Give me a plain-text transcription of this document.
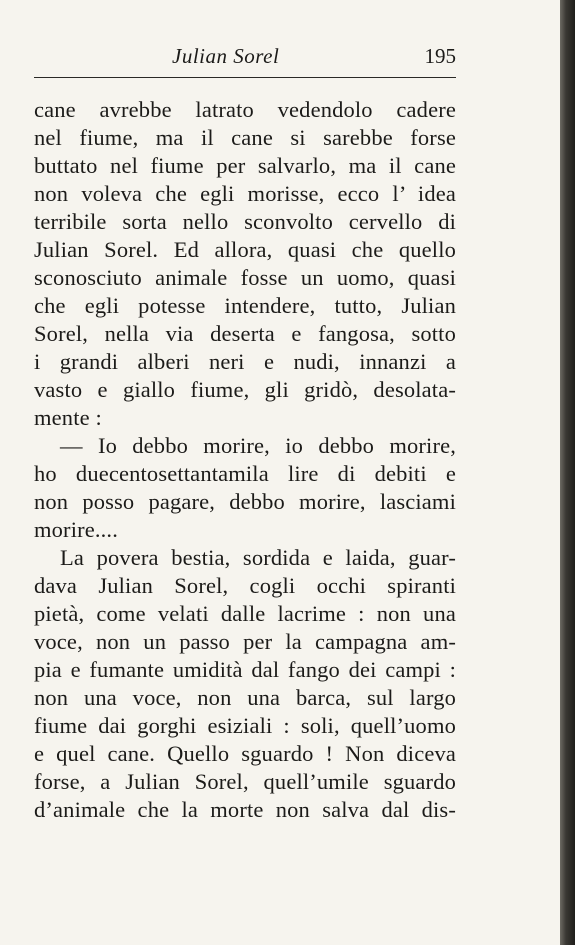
Julian Sorel	195
cane avrebbe latrato vedendolo cadere
nel fiume, ma il cane si sarebbe forse
buttato nel fiume per salvarlo, ma il cane
non voleva che egli morisse, ecco l’ idea
terribile sorta nello sconvolto cervello di
Julian Sorel. Ed allora, quasi che quello
sconosciuto animale fosse un uomo, quasi
che egli potesse intendere, tutto, Julian
Sorel, nella via deserta e fangosa, sotto
i grandi alberi neri e nudi, innanzi a
vasto e giallo fiume, gli gridò, desolata-
mente :
— Io debbo morire, io debbo morire,
ho duecentosettantamila lire di debiti e
non posso pagare, debbo morire, lasciami
morire....
La povera bestia, sordida e laida, guar-
dava Julian Sorel, cogli occhi spiranti
pietà, come velati dalle lacrime : non una
voce, non un passo per la campagna am-
pia e fumante umidità dal fango dei campi :
non una voce, non una barca, sul largo
fiume dai gorghi esiziali : soli, quell’uomo
e quel cane. Quello sguardo ! Non diceva
forse, a Julian Sorel, quell’umile sguardo
d’animale che la morte non salva dal dis-
